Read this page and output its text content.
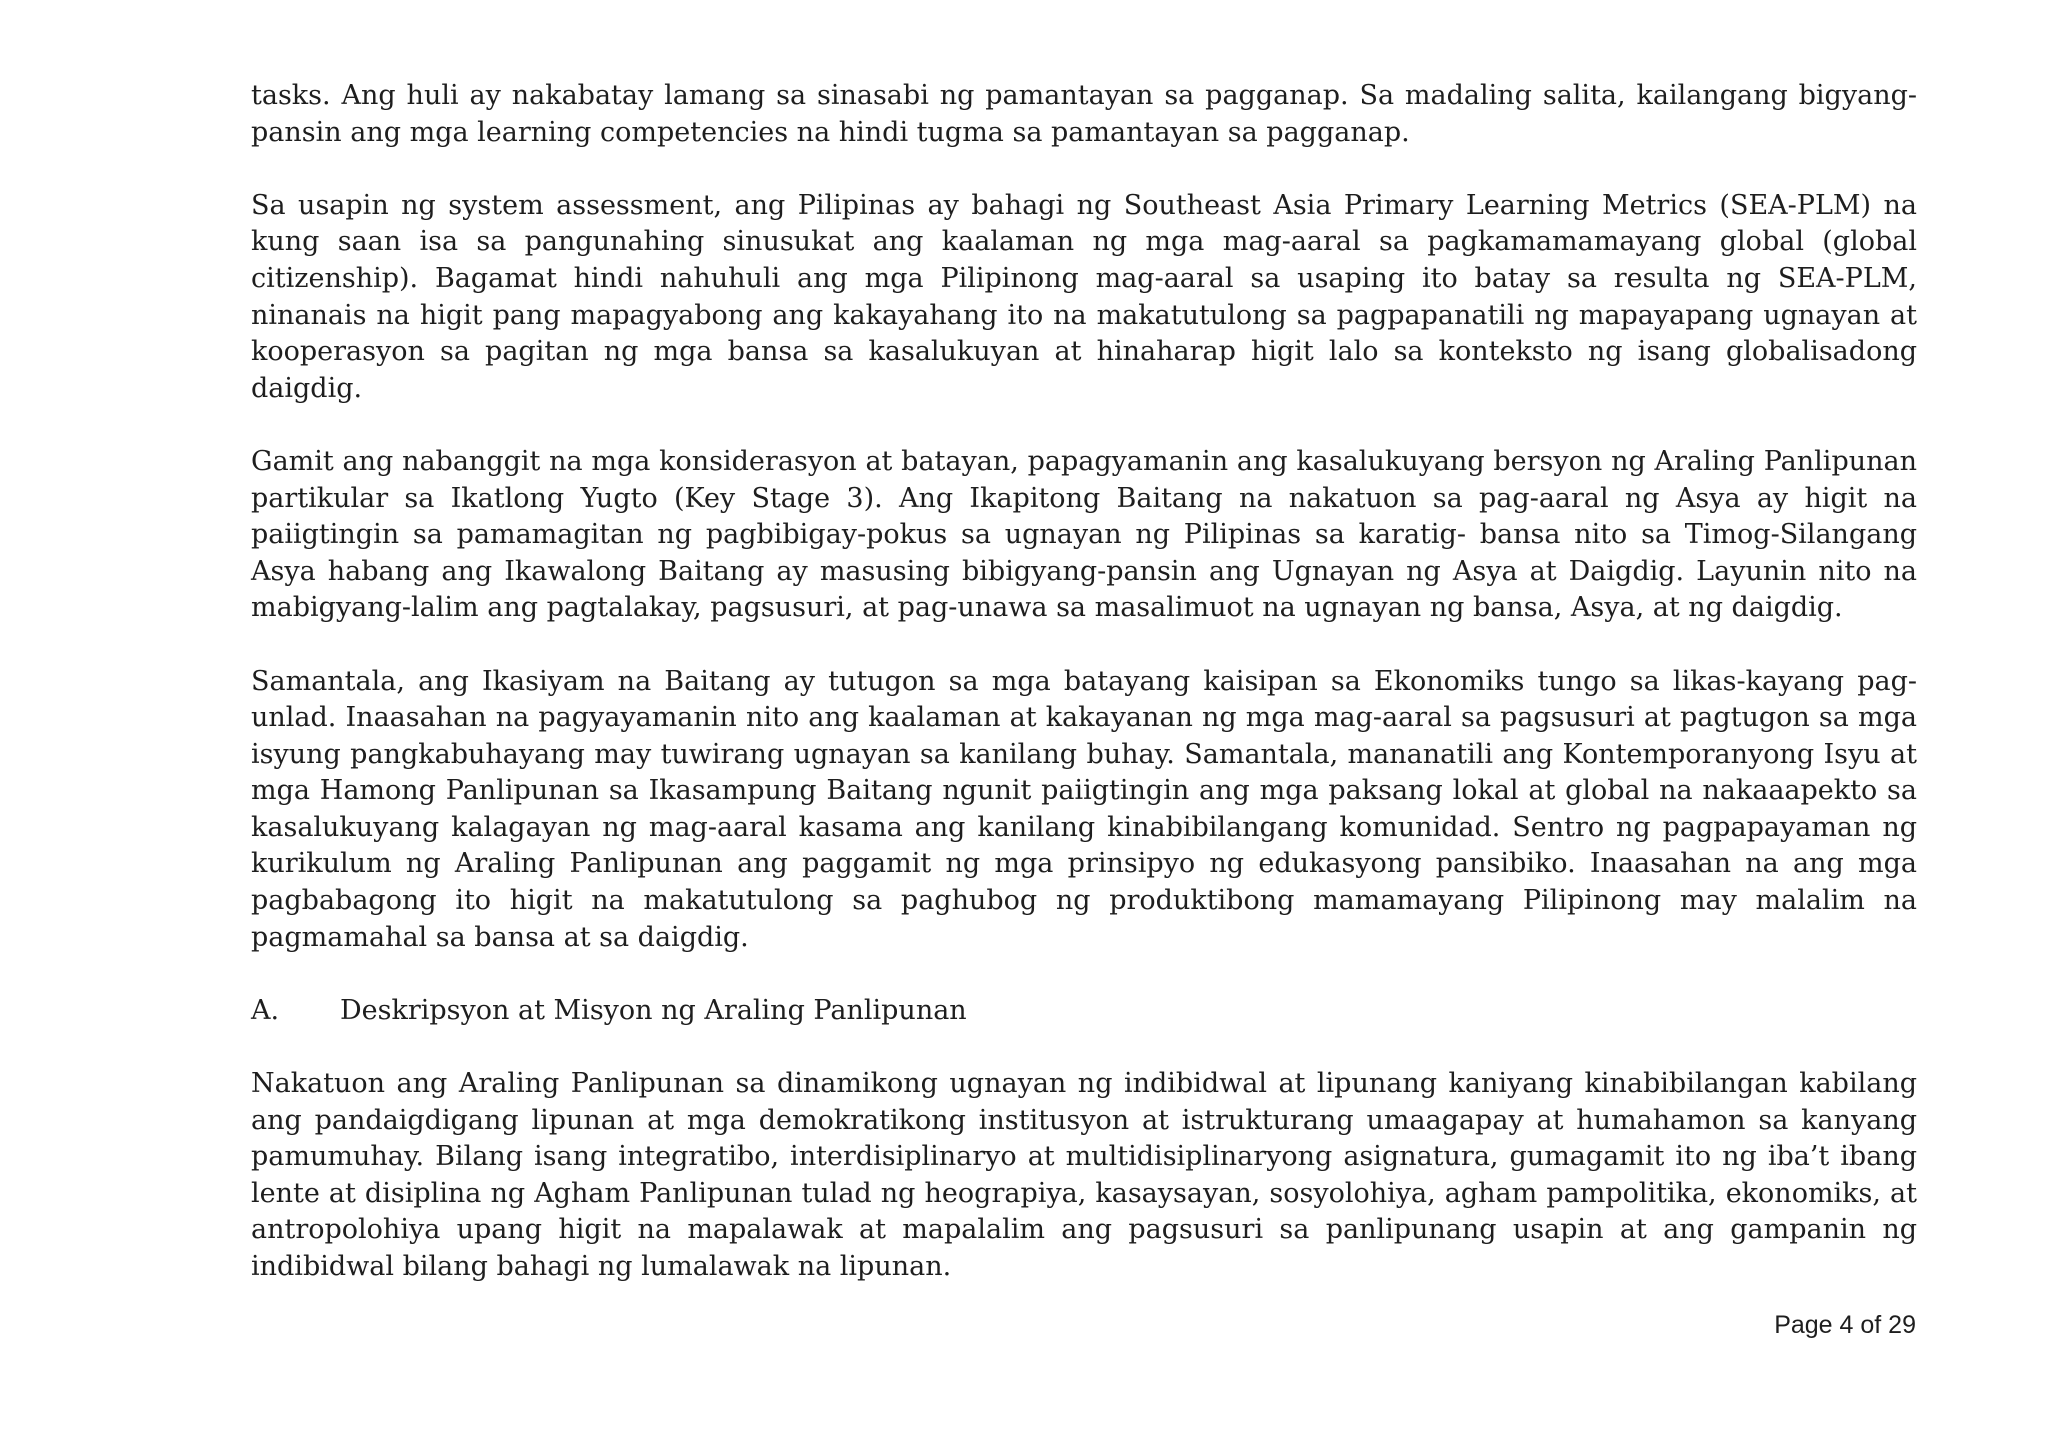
tasks. Ang huli ay nakabatay lamang sa sinasabi ng pamantayan sa pagganap. Sa madaling salita, kailangang bigyang-pansin ang mga learning competencies na hindi tugma sa pamantayan sa pagganap.

Sa usapin ng system assessment, ang Pilipinas ay bahagi ng Southeast Asia Primary Learning Metrics (SEA-PLM) na kung saan isa sa pangunahing sinusukat ang kaalaman ng mga mag-aaral sa pagkamamamayang global (global citizenship). Bagamat hindi nahuhuli ang mga Pilipinong mag-aaral sa usaping ito batay sa resulta ng SEA-PLM, ninanais na higit pang mapagyabong ang kakayahang ito na makatutulong sa pagpapanatili ng mapayapang ugnayan at kooperasyon sa pagitan ng mga bansa sa kasalukuyan at hinaharap higit lalo sa konteksto ng isang globalisadong daigdig.

Gamit ang nabanggit na mga konsiderasyon at batayan, papagyamanin ang kasalukuyang bersyon ng Araling Panlipunan partikular sa Ikatlong Yugto (Key Stage 3). Ang Ikapitong Baitang na nakatuon sa pag-aaral ng Asya ay higit na paiigtingin sa pamamagitan ng pagbibigay-pokus sa ugnayan ng Pilipinas sa karatig- bansa nito sa Timog-Silangang Asya habang ang Ikawalong Baitang ay masusing bibigyang-pansin ang Ugnayan ng Asya at Daigdig. Layunin nito na mabigyang-lalim ang pagtalakay, pagsusuri, at pag-unawa sa masalimuot na ugnayan ng bansa, Asya, at ng daigdig.

Samantala, ang Ikasiyam na Baitang ay tutugon sa mga batayang kaisipan sa Ekonomiks tungo sa likas-kayang pag-unlad. Inaasahan na pagyayamanin nito ang kaalaman at kakayanan ng mga mag-aaral sa pagsusuri at pagtugon sa mga isyung pangkabuhayang may tuwirang ugnayan sa kanilang buhay. Samantala, mananatili ang Kontemporanyong Isyu at mga Hamong Panlipunan sa Ikasampung Baitang ngunit paiigtingin ang mga paksang lokal at global na nakaaapekto sa kasalukuyang kalagayan ng mag-aaral kasama ang kanilang kinabibilangang komunidad. Sentro ng pagpapayaman ng kurikulum ng Araling Panlipunan ang paggamit ng mga prinsipyo ng edukasyong pansibiko. Inaasahan na ang mga pagbabagong ito higit na makatutulong sa paghubog ng produktibong mamamayang Pilipinong may malalim na pagmamahal sa bansa at sa daigdig.

A.	Deskripsyon at Misyon ng Araling Panlipunan

Nakatuon ang Araling Panlipunan sa dinamikong ugnayan ng indibidwal at lipunang kaniyang kinabibilangan kabilang ang pandaigdigang lipunan at mga demokratikong institusyon at istrukturang umaagapay at humahamon sa kanyang pamumuhay. Bilang isang integratibo, interdisiplinaryo at multidisiplinaryong asignatura, gumagamit ito ng iba’t ibang lente at disiplina ng Agham Panlipunan tulad ng heograpiya, kasaysayan, sosyolohiya, agham pampolitika, ekonomiks, at antropolohiya upang higit na mapalawak at mapalalim ang pagsusuri sa panlipunang usapin at ang gampanin ng indibidwal bilang bahagi ng lumalawak na lipunan.

Page 4 of 29
